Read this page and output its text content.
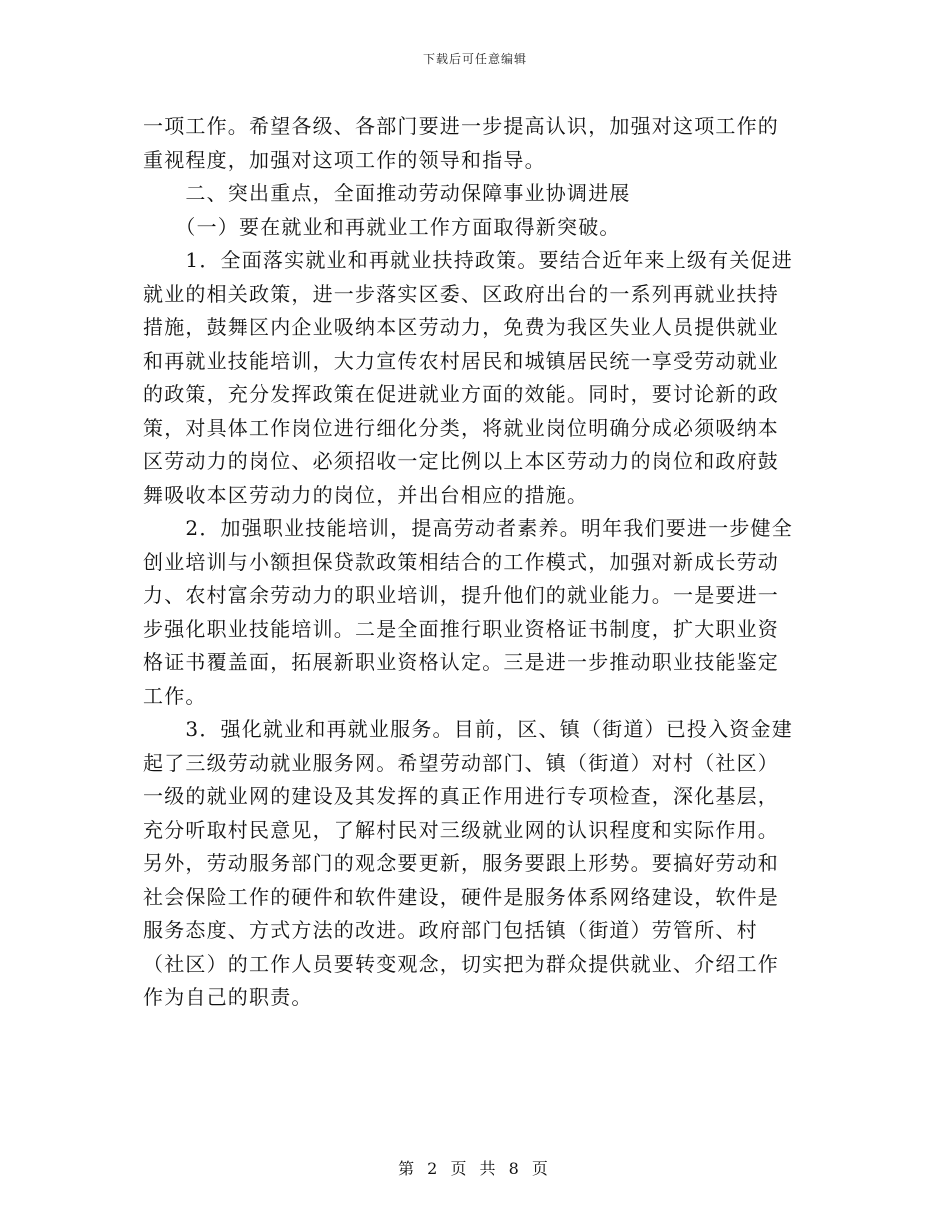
下载后可任意编辑
一项工作。希望各级、各部门要进一步提高认识，加强对这项工作的
重视程度，加强对这项工作的领导和指导。
　　二、突出重点，全面推动劳动保障事业协调进展
　　（一）要在就业和再就业工作方面取得新突破。
　　1．全面落实就业和再就业扶持政策。要结合近年来上级有关促进
就业的相关政策，进一步落实区委、区政府出台的一系列再就业扶持
措施，鼓舞区内企业吸纳本区劳动力，免费为我区失业人员提供就业
和再就业技能培训，大力宣传农村居民和城镇居民统一享受劳动就业
的政策，充分发挥政策在促进就业方面的效能。同时，要讨论新的政
策，对具体工作岗位进行细化分类，将就业岗位明确分成必须吸纳本
区劳动力的岗位、必须招收一定比例以上本区劳动力的岗位和政府鼓
舞吸收本区劳动力的岗位，并出台相应的措施。
　　2．加强职业技能培训，提高劳动者素养。明年我们要进一步健全
创业培训与小额担保贷款政策相结合的工作模式，加强对新成长劳动
力、农村富余劳动力的职业培训，提升他们的就业能力。一是要进一
步强化职业技能培训。二是全面推行职业资格证书制度，扩大职业资
格证书覆盖面，拓展新职业资格认定。三是进一步推动职业技能鉴定
工作。
　　3．强化就业和再就业服务。目前，区、镇（街道）已投入资金建
起了三级劳动就业服务网。希望劳动部门、镇（街道）对村（社区）
一级的就业网的建设及其发挥的真正作用进行专项检查，深化基层，
充分听取村民意见，了解村民对三级就业网的认识程度和实际作用。
另外，劳动服务部门的观念要更新，服务要跟上形势。要搞好劳动和
社会保险工作的硬件和软件建设，硬件是服务体系网络建设，软件是
服务态度、方式方法的改进。政府部门包括镇（街道）劳管所、村
（社区）的工作人员要转变观念，切实把为群众提供就业、介绍工作
作为自己的职责。
第 2 页 共 8 页
